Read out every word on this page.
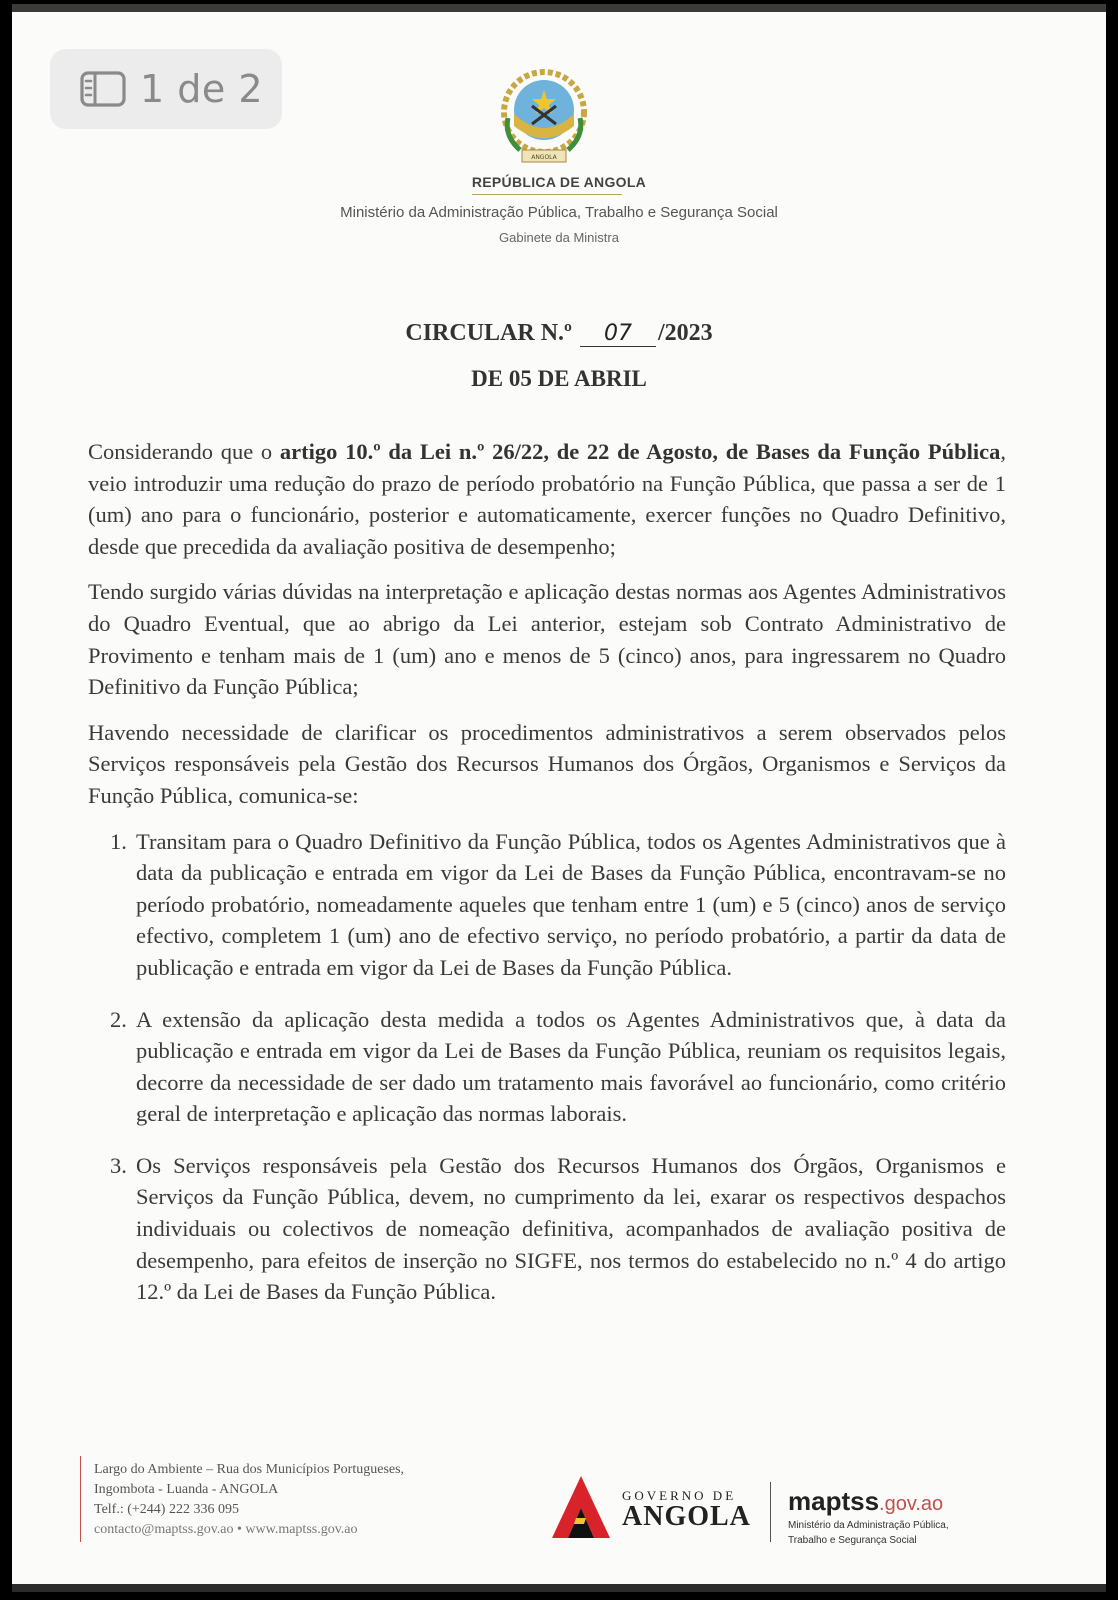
1 de 2
ANGOLA
REPÚBLICA DE ANGOLA
Ministério da Administração Pública, Trabalho e Segurança Social
Gabinete da Ministra
CIRCULAR N.º 07 /2023
DE 05 DE ABRIL

Considerando que o artigo 10.º da Lei n.º 26/22, de 22 de Agosto, de Bases da Função Pública, veio introduzir uma redução do prazo de período probatório na Função Pública, que passa a ser de 1 (um) ano para o funcionário, posterior e automaticamente, exercer funções no Quadro Definitivo, desde que precedida da avaliação positiva de desempenho;

Tendo surgido várias dúvidas na interpretação e aplicação destas normas aos Agentes Administrativos do Quadro Eventual, que ao abrigo da Lei anterior, estejam sob Contrato Administrativo de Provimento e tenham mais de 1 (um) ano e menos de 5 (cinco) anos, para ingressarem no Quadro Definitivo da Função Pública;

Havendo necessidade de clarificar os procedimentos administrativos a serem observados pelos Serviços responsáveis pela Gestão dos Recursos Humanos dos Órgãos, Organismos e Serviços da Função Pública, comunica-se:

1. Transitam para o Quadro Definitivo da Função Pública, todos os Agentes Administrativos que à data da publicação e entrada em vigor da Lei de Bases da Função Pública, encontravam-se no período probatório, nomeadamente aqueles que tenham entre 1 (um) e 5 (cinco) anos de serviço efectivo, completem 1 (um) ano de efectivo serviço, no período probatório, a partir da data de publicação e entrada em vigor da Lei de Bases da Função Pública.
2. A extensão da aplicação desta medida a todos os Agentes Administrativos que, à data da publicação e entrada em vigor da Lei de Bases da Função Pública, reuniam os requisitos legais, decorre da necessidade de ser dado um tratamento mais favorável ao funcionário, como critério geral de interpretação e aplicação das normas laborais.
3. Os Serviços responsáveis pela Gestão dos Recursos Humanos dos Órgãos, Organismos e Serviços da Função Pública, devem, no cumprimento da lei, exarar os respectivos despachos individuais ou colectivos de nomeação definitiva, acompanhados de avaliação positiva de desempenho, para efeitos de inserção no SIGFE, nos termos do estabelecido no n.º 4 do artigo 12.º da Lei de Bases da Função Pública.
Largo do Ambiente – Rua dos Municípios Portugueses,
Ingombota - Luanda - ANGOLA
Telf.: (+244) 222 336 095
contacto@maptss.gov.ao • www.maptss.gov.ao
GOVERNO DE
ANGOLA maptss.gov.ao
Ministério da Administração Pública,
Trabalho e Segurança Social
